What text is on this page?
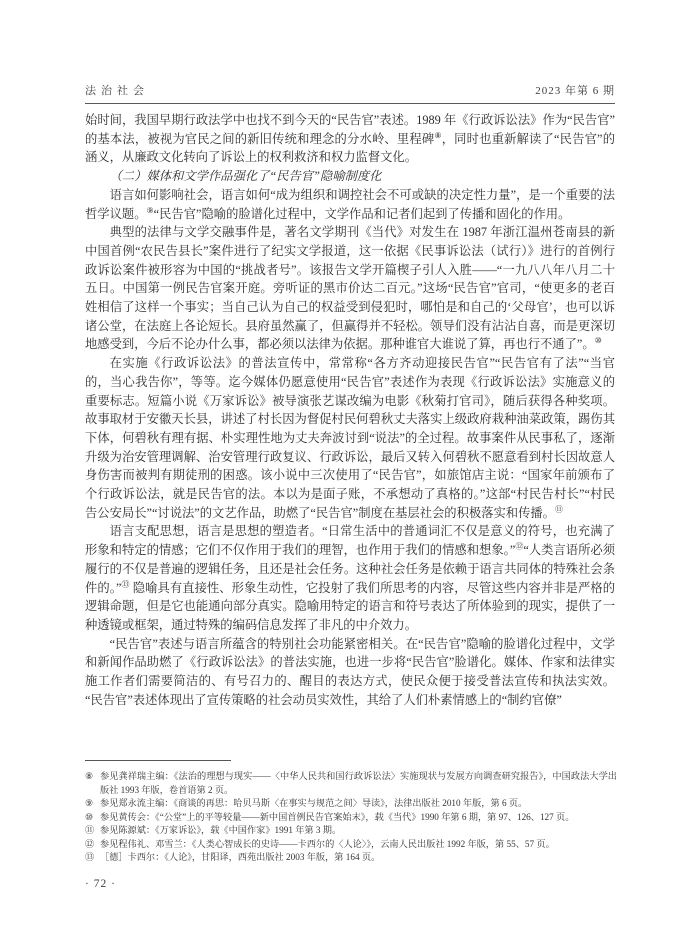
法治社会	2023 年第 6 期

始时间，我国早期行政法学中也找不到今天的“民告官”表述。1989 年《行政诉讼法》作为“民告官”的基本法，被视为官民之间的新旧传统和理念的分水岭、里程碑⑧，同时也重新解读了“民告官”的涵义，从廉政文化转向了诉讼上的权利救济和权力监督文化。

（二）媒体和文学作品强化了“民告官”隐喻制度化

语言如何影响社会，语言如何“成为组织和调控社会不可或缺的决定性力量”，是一个重要的法哲学议题。⑨“民告官”隐喻的脸谱化过程中，文学作品和记者们起到了传播和固化的作用。

典型的法律与文学交融事件是，著名文学期刊《当代》对发生在 1987 年浙江温州苍南县的新中国首例“农民告县长”案件进行了纪实文学报道，这一依据《民事诉讼法（试行）》进行的首例行政诉讼案件被形容为中国的“挑战者号”。该报告文学开篇楔子引人入胜——“一九八八年八月二十五日。中国第一例民告官案开庭。旁听证的黑市价达二百元。”这场“民告官”官司，“使更多的老百姓相信了这样一个事实；当自己认为自己的权益受到侵犯时，哪怕是和自己的‘父母官’，也可以诉诸公堂，在法庭上各论短长。县府虽然赢了，但赢得并不轻松。领导们没有沾沾自喜，而是更深切地感受到，今后不论办什么事，都必须以法律为依据。那种谁官大谁说了算，再也行不通了”。⑩

在实施《行政诉讼法》的普法宣传中，常常称“各方齐动迎接民告官”“民告官有了法”“当官的，当心我告你”，等等。迄今媒体仍愿意使用“民告官”表述作为表现《行政诉讼法》实施意义的重要标志。短篇小说《万家诉讼》被导演张艺谋改编为电影《秋菊打官司》，随后获得各种奖项。故事取材于安徽天长县，讲述了村长因为督促村民何碧秋丈夫落实上级政府栽种油菜政策，踢伤其下体，何碧秋有理有据、朴实理性地为丈夫奔波讨到“说法”的全过程。故事案件从民事私了，逐渐升级为治安管理调解、治安管理行政复议、行政诉讼，最后又转入何碧秋不愿意看到村长因故意人身伤害而被判有期徒刑的困惑。该小说中三次使用了“民告官”，如旅馆店主说：“国家年前颁布了个行政诉讼法，就是民告官的法。本以为是面子账，不承想动了真格的。”这部“村民告村长”“村民告公安局长”“讨说法”的文艺作品，助燃了“民告官”制度在基层社会的积极落实和传播。⑪

语言支配思想，语言是思想的塑造者。“日常生活中的普通词汇不仅是意义的符号，也充满了形象和特定的情感；它们不仅作用于我们的理智，也作用于我们的情感和想象。”⑫“人类言语所必须履行的不仅是普遍的逻辑任务，且还是社会任务。这种社会任务是依赖于语言共同体的特殊社会条件的。”⑬ 隐喻具有直接性、形象生动性，它投射了我们所思考的内容，尽管这些内容并非是严格的逻辑命题，但是它也能通向部分真实。隐喻用特定的语言和符号表达了所体验到的现实，提供了一种透镜或框架，通过特殊的编码信息发挥了非凡的中介效力。

“民告官”表述与语言所蕴含的特别社会功能紧密相关。在“民告官”隐喻的脸谱化过程中，文学和新闻作品助燃了《行政诉讼法》的普法实施，也进一步将“民告官”脸谱化。媒体、作家和法律实施工作者们需要简洁的、有号召力的、醒目的表达方式，使民众便于接受普法宣传和执法实效。“民告官”表述体现出了宣传策略的社会动员实效性，其给了人们朴素情感上的“制约官僚”

⑧ 参见龚祥瑞主编：《法治的理想与现实——〈中华人民共和国行政诉讼法〉实施现状与发展方向调查研究报告》，中国政法大学出版社 1993 年版，卷首语第 2 页。
⑨ 参见郑永流主编：《商谈的再思：哈贝马斯〈在事实与规范之间〉导读》，法律出版社 2010 年版，第 6 页。
⑩ 参见黄传会：《“公堂”上的平等较量——新中国首例民告官案始末》，载《当代》1990 年第 6 期，第 97、126、127 页。
⑪ 参见陈源斌：《万家诉讼》，载《中国作家》1991 年第 3 期。
⑫ 参见程伟礼、邓雪兰：《人类心智成长的史诗——卡西尔的〈人论〉》，云南人民出版社 1992 年版，第 55、57 页。
⑬ ［德］卡西尔：《人论》，甘阳译，西苑出版社 2003 年版，第 164 页。
· 72 ·
